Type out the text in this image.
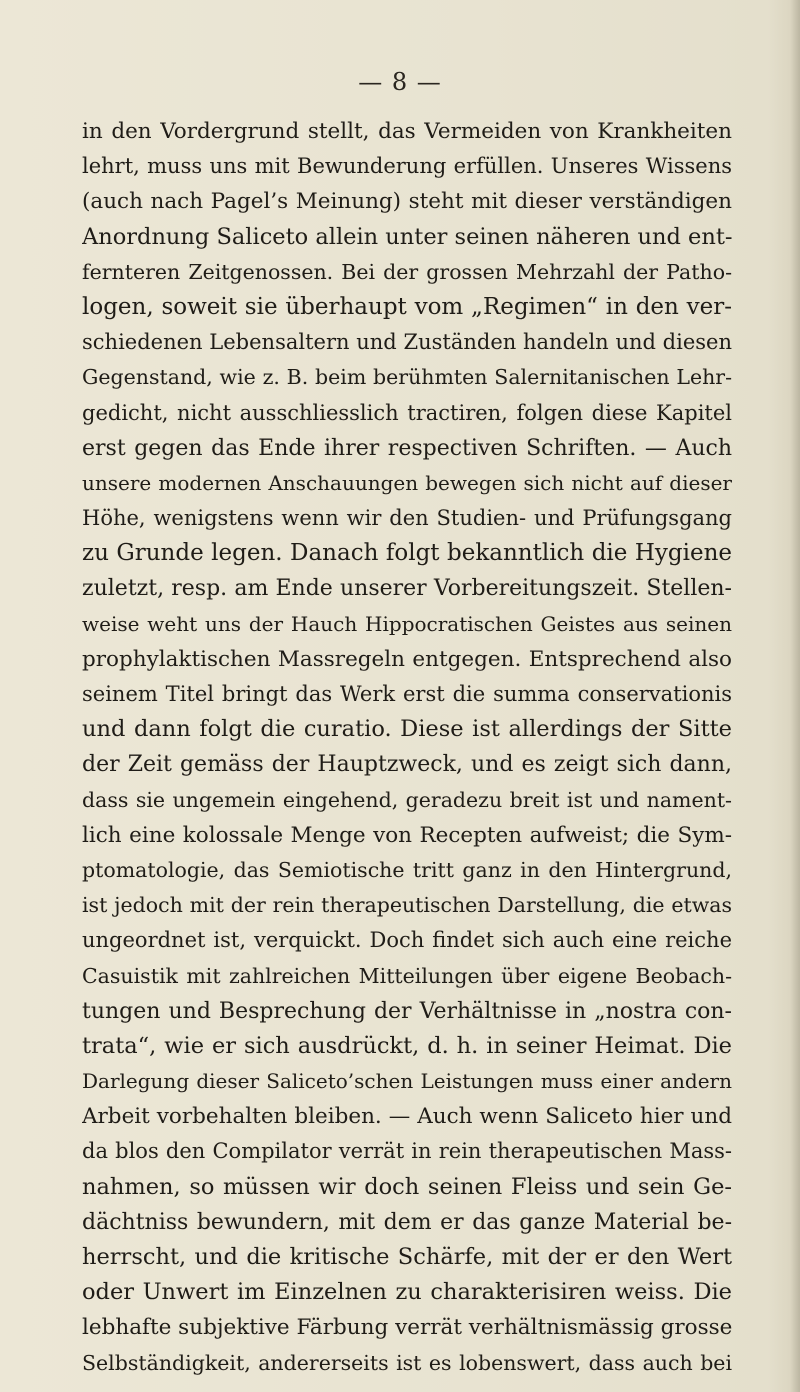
— 8 —
in den Vordergrund stellt, das Vermeiden von Krankheiten
lehrt, muss uns mit Bewunderung erfüllen. Unseres Wissens
(auch nach Pagel’s Meinung) steht mit dieser verständigen
Anordnung Saliceto allein unter seinen näheren und ent-
fernteren Zeitgenossen. Bei der grossen Mehrzahl der Patho-
logen, soweit sie überhaupt vom „Regimen“ in den ver-
schiedenen Lebensaltern und Zuständen handeln und diesen
Gegenstand, wie z. B. beim berühmten Salernitanischen Lehr-
gedicht, nicht ausschliesslich tractiren, folgen diese Kapitel
erst gegen das Ende ihrer respectiven Schriften. — Auch
unsere modernen Anschauungen bewegen sich nicht auf dieser
Höhe, wenigstens wenn wir den Studien- und Prüfungsgang
zu Grunde legen. Danach folgt bekanntlich die Hygiene
zuletzt, resp. am Ende unserer Vorbereitungszeit. Stellen-
weise weht uns der Hauch Hippocratischen Geistes aus seinen
prophylaktischen Massregeln entgegen. Entsprechend also
seinem Titel bringt das Werk erst die summa conservationis
und dann folgt die curatio. Diese ist allerdings der Sitte
der Zeit gemäss der Hauptzweck, und es zeigt sich dann,
dass sie ungemein eingehend, geradezu breit ist und nament-
lich eine kolossale Menge von Recepten aufweist; die Sym-
ptomatologie, das Semiotische tritt ganz in den Hintergrund,
ist jedoch mit der rein therapeutischen Darstellung, die etwas
ungeordnet ist, verquickt. Doch findet sich auch eine reiche
Casuistik mit zahlreichen Mitteilungen über eigene Beobach-
tungen und Besprechung der Verhältnisse in „nostra con-
trata“, wie er sich ausdrückt, d. h. in seiner Heimat. Die
Darlegung dieser Saliceto’schen Leistungen muss einer andern
Arbeit vorbehalten bleiben. — Auch wenn Saliceto hier und
da blos den Compilator verrät in rein therapeutischen Mass-
nahmen, so müssen wir doch seinen Fleiss und sein Ge-
dächtniss bewundern, mit dem er das ganze Material be-
herrscht, und die kritische Schärfe, mit der er den Wert
oder Unwert im Einzelnen zu charakterisiren weiss. Die
lebhafte subjektive Färbung verrät verhältnismässig grosse
Selbständigkeit, andererseits ist es lobenswert, dass auch bei
